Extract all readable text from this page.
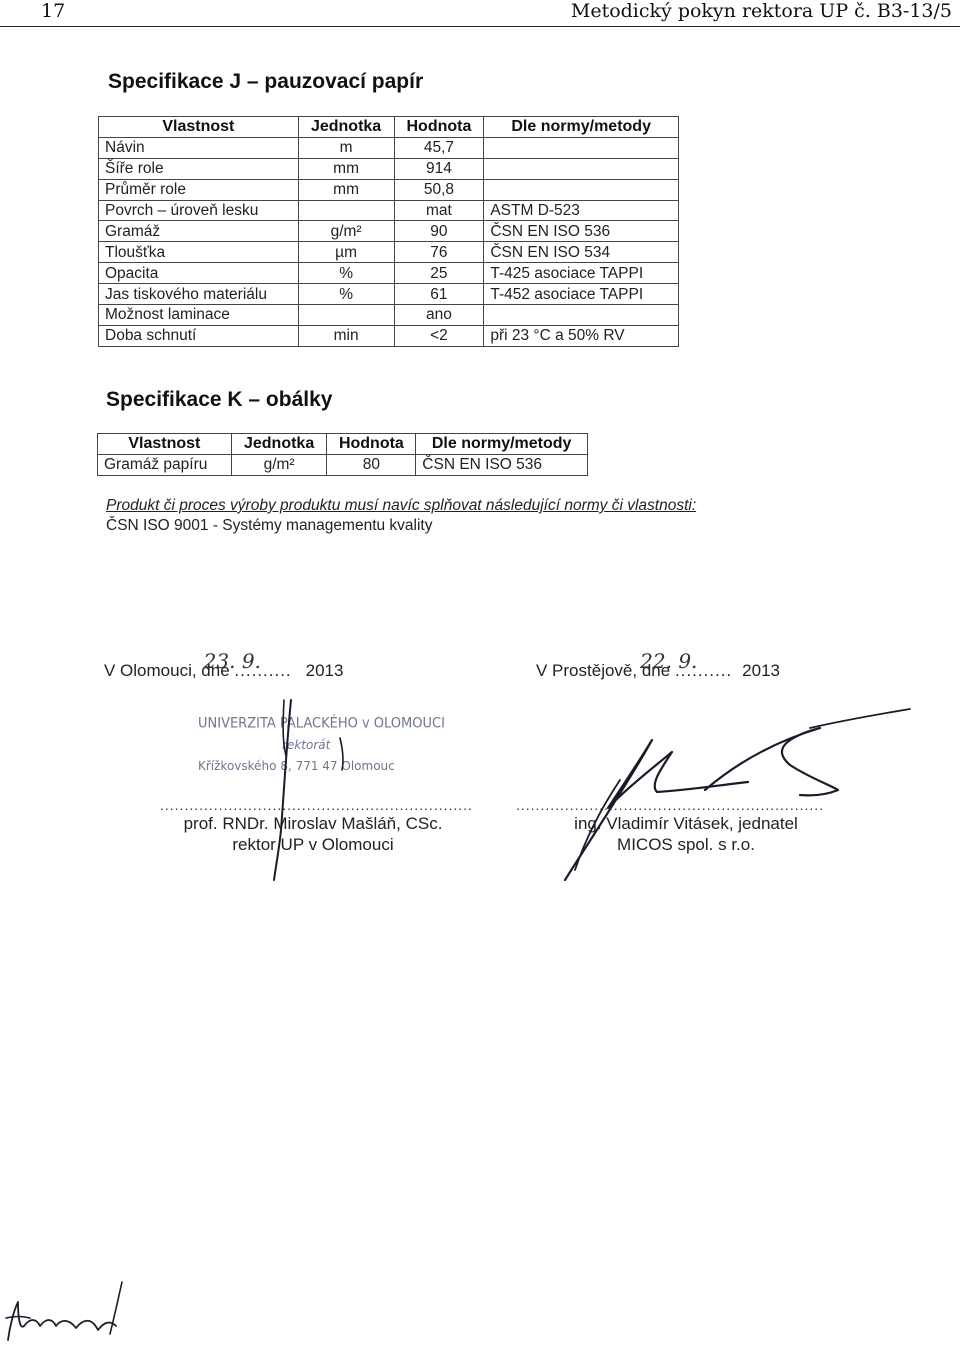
17	Metodický pokyn rektora UP č. B3-13/5
Specifikace J – pauzovací papír
Vlastnost	Jednotka	Hodnota	Dle normy/metody
Návin	m	45,7	
Šíře role	mm	914	
Průměr role	mm	50,8	
Povrch – úroveň lesku		mat	ASTM D-523
Gramáž	g/m²	90	ČSN EN ISO 536
Tloušťka	µm	76	ČSN EN ISO 534
Opacita	%	25	T-425 asociace TAPPI
Jas tiskového materiálu	%	61	T-452 asociace TAPPI
Možnost laminace		ano	
Doba schnutí	min	<2	při 23 °C a 50% RV
Specifikace K – obálky
Vlastnost	Jednotka	Hodnota	Dle normy/metody
Gramáž papíru	g/m²	80	ČSN EN ISO 536
Produkt či proces výroby produktu musí navíc splňovat následující normy či vlastnosti:
ČSN ISO 9001 - Systémy managementu kvality
V Olomouci, dne ..........23. 9.	2013	V Prostějově, dne ..........22. 9.	2013
UNIVERZITA PALACKÉHO v OLOMOUCI
rektorát
Křížkovského 8, 771 47 Olomouc
................................................................	...............................................................
prof. RNDr. Miroslav Mašláň, CSc.
rektor UP v Olomouci
ing. Vladimír Vitásek, jednatel
MICOS spol. s r.o.
